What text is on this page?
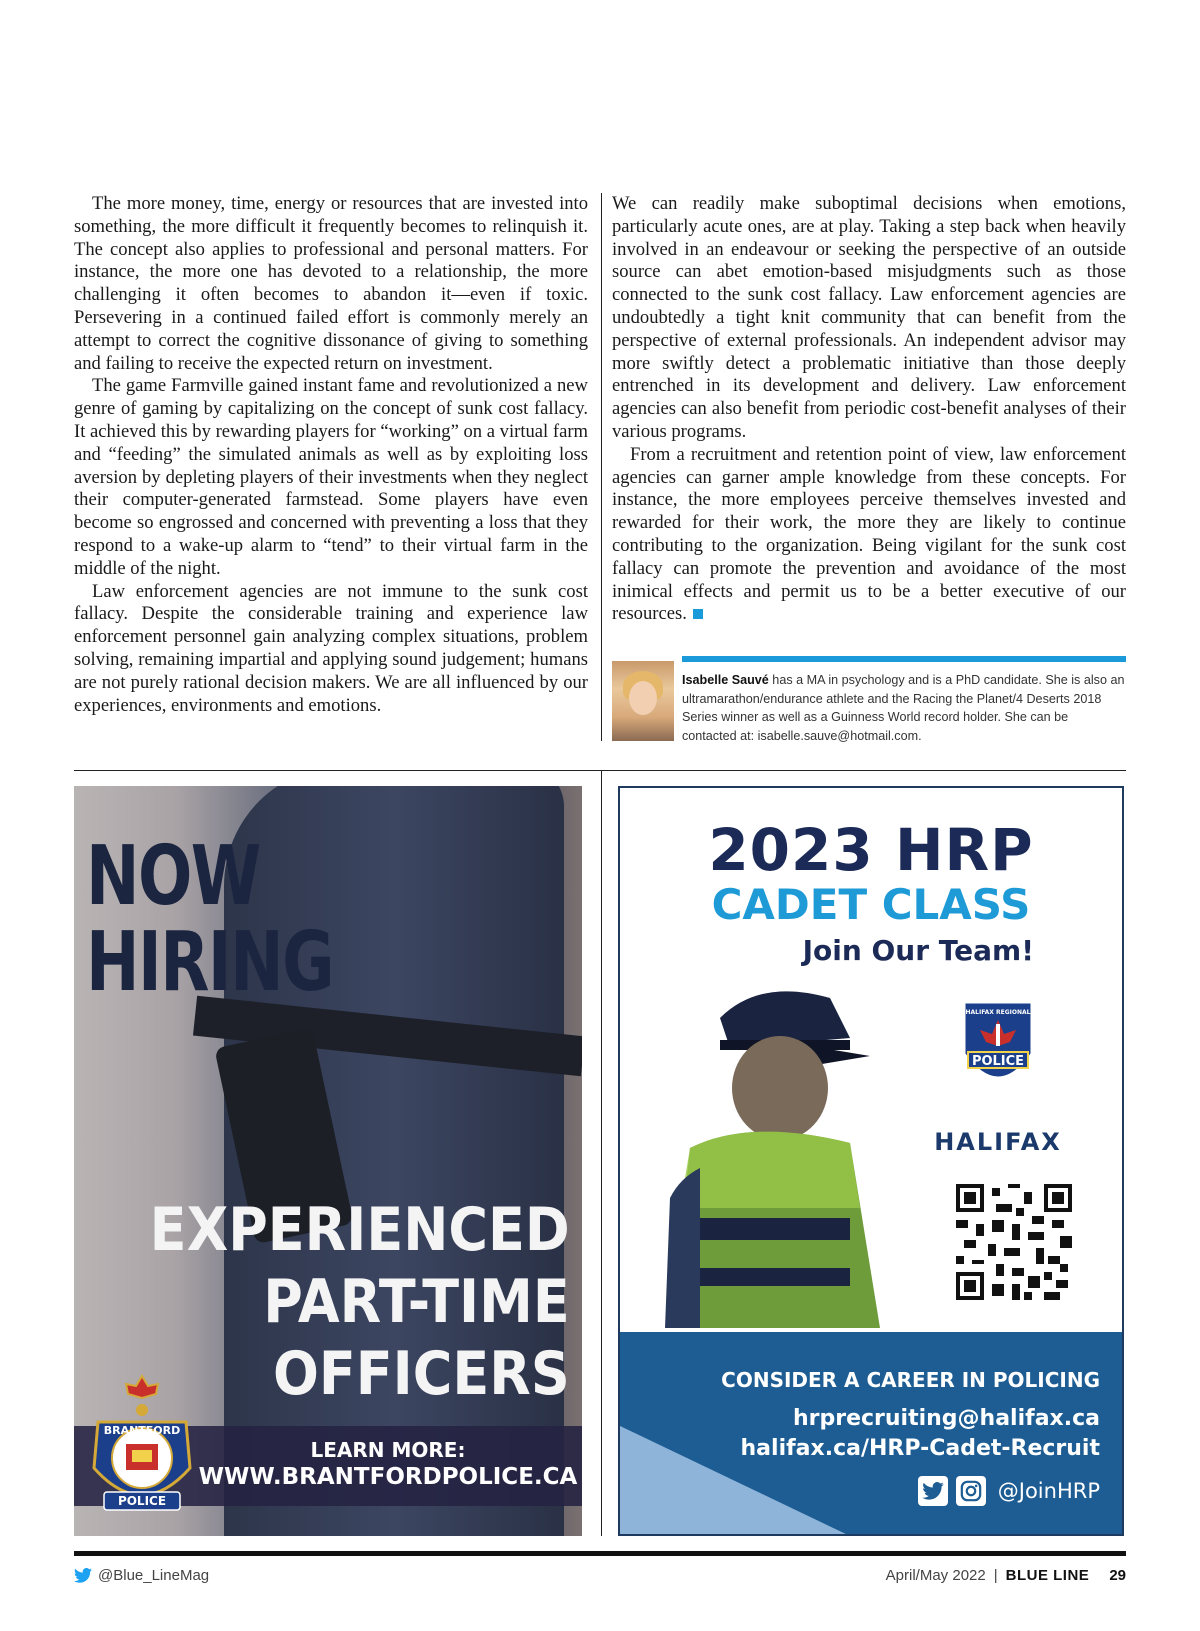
The more money, time, energy or resources that are invested into something, the more difficult it frequently becomes to relinquish it. The concept also applies to professional and personal matters. For instance, the more one has devoted to a relationship, the more challenging it often becomes to abandon it—even if toxic. Persevering in a continued failed effort is commonly merely an attempt to correct the cognitive dissonance of giving to something and failing to receive the expected return on investment.

The game Farmville gained instant fame and revolutionized a new genre of gaming by capitalizing on the concept of sunk cost fallacy. It achieved this by rewarding players for “working” on a virtual farm and “feeding” the simulated animals as well as by exploiting loss aversion by depleting players of their investments when they neglect their computer-generated farmstead. Some players have even become so engrossed and concerned with preventing a loss that they respond to a wake-up alarm to “tend” to their virtual farm in the middle of the night.

Law enforcement agencies are not immune to the sunk cost fallacy. Despite the considerable training and experience law enforcement personnel gain analyzing complex situations, problem solving, remaining impartial and applying sound judgement; humans are not purely rational decision makers. We are all influenced by our experiences, environments and emotions.

We can readily make suboptimal decisions when emotions, particularly acute ones, are at play. Taking a step back when heavily involved in an endeavour or seeking the perspective of an outside source can abet emotion-based misjudgments such as those connected to the sunk cost fallacy. Law enforcement agencies are undoubtedly a tight knit community that can benefit from the perspective of external professionals. An independent advisor may more swiftly detect a problematic initiative than those deeply entrenched in its development and delivery. Law enforcement agencies can also benefit from periodic cost-benefit analyses of their various programs.

From a recruitment and retention point of view, law enforcement agencies can garner ample knowledge from these concepts. For instance, the more employees perceive themselves invested and rewarded for their work, the more they are likely to continue contributing to the organization. Being vigilant for the sunk cost fallacy can promote the prevention and avoidance of the most inimical effects and permit us to be a better executive of our resources.

Isabelle Sauvé has a MA in psychology and is a PhD candidate. She is also an ultramarathon/endurance athlete and the Racing the Planet/4 Deserts 2018 Series winner as well as a Guinness World record holder. She can be contacted at: isabelle.sauve@hotmail.com.
NOW
HIRING
EXPERIENCED
PART-TIME
OFFICERS
LEARN MORE:
WWW.BRANTFORDPOLICE.CA
BRANTFORD
POLICE
2023 HRP
CADET CLASS
Join Our Team!
HALIFAX REGIONAL
POLICE
HALIFAX
CONSIDER A CAREER IN POLICING
hrprecruiting@halifax.ca
halifax.ca/HRP-Cadet-Recruit
@JoinHRP
@Blue_LineMag	April/May 2022 | BLUE LINE 29
